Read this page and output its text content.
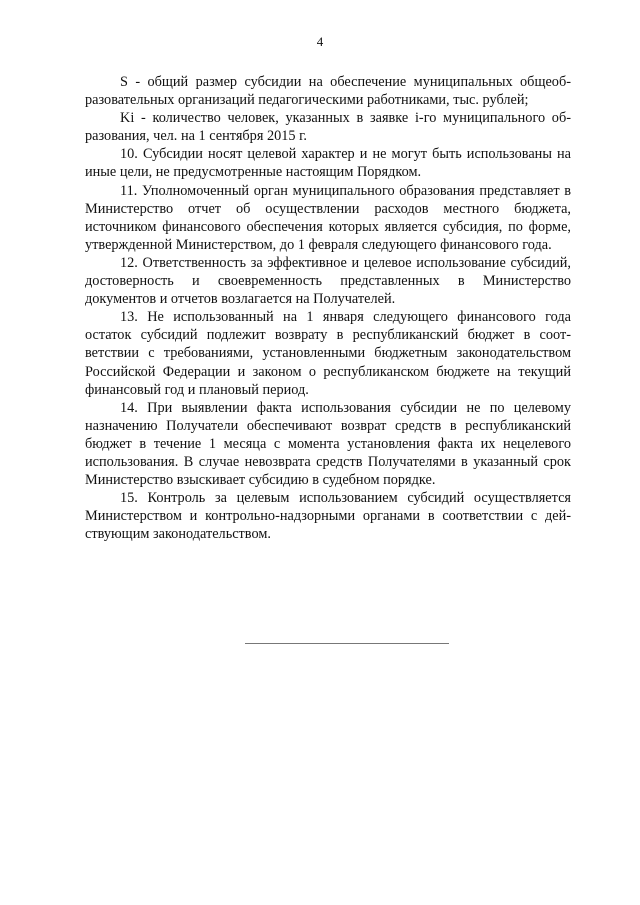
4

S - общий размер субсидии на обеспечение муниципальных общеобразовательных организаций педагогическими работниками, тыс. рублей;

Ki - количество человек, указанных в заявке i-го муниципального образования, чел. на 1 сентября 2015 г.

10. Субсидии носят целевой характер и не могут быть использованы на иные цели, не предусмотренные настоящим Порядком.

11. Уполномоченный орган муниципального образования представляет в Министерство отчет об осуществлении расходов местного бюджета, источником финансового обеспечения которых является субсидия, по форме, утвержденной Министерством, до 1 февраля следующего финансового года.

12. Ответственность за эффективное и целевое использование субсидий, достоверность и своевременность представленных в Министерство документов и отчетов возлагается на Получателей.

13. Не использованный на 1 января следующего финансового года остаток субсидий подлежит возврату в республиканский бюджет в соответствии с требованиями, установленными бюджетным законодательством Российской Федерации и законом о республиканском бюджете на текущий финансовый год и плановый период.

14. При выявлении факта использования субсидии не по целевому назначению Получатели обеспечивают возврат средств в республиканский бюджет в течение 1 месяца с момента установления факта их нецелевого использования. В случае невозврата средств Получателями в указанный срок Министерство взыскивает субсидию в судебном порядке.

15. Контроль за целевым использованием субсидий осуществляется Министерством и контрольно-надзорными органами в соответствии с действующим законодательством.
